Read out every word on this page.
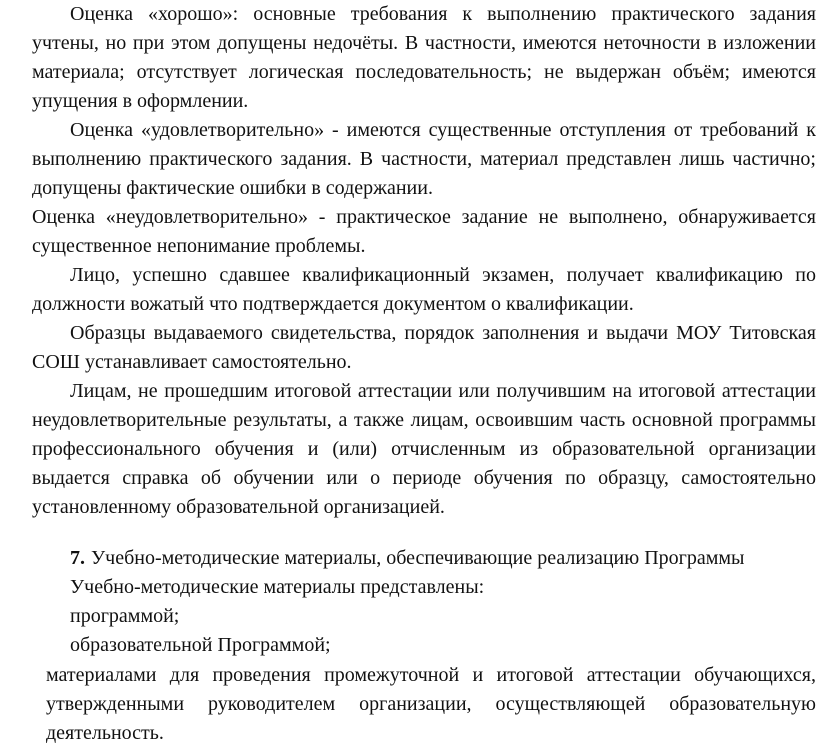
Оценка «хорошо»: основные требования к выполнению практического задания учтены, но при этом допущены недочёты. В частности, имеются неточности в изложении материала; отсутствует логическая последовательность; не выдержан объём; имеются упущения в оформлении.

Оценка «удовлетворительно» - имеются существенные отступления от требований к выполнению практического задания. В частности, материал представлен лишь частично; допущены фактические ошибки в содержании.

Оценка «неудовлетворительно» - практическое задание не выполнено, обнаруживается существенное непонимание проблемы.

Лицо, успешно сдавшее квалификационный экзамен, получает квалификацию по должности вожатый что подтверждается документом о квалификации.

Образцы выдаваемого свидетельства, порядок заполнения и выдачи МОУ Титовская СОШ устанавливает самостоятельно.

Лицам, не прошедшим итоговой аттестации или получившим на итоговой аттестации неудовлетворительные результаты, а также лицам, освоившим часть основной программы профессионального обучения и (или) отчисленным из образовательной организации выдается справка об обучении или о периоде обучения по образцу, самостоятельно установленному образовательной организацией.

7. Учебно-методические материалы, обеспечивающие реализацию Программы

Учебно-методические материалы представлены:

программой;

образовательной Программой;

материалами для проведения промежуточной и итоговой аттестации обучающихся, утвержденными руководителем организации, осуществляющей образовательную деятельность.
